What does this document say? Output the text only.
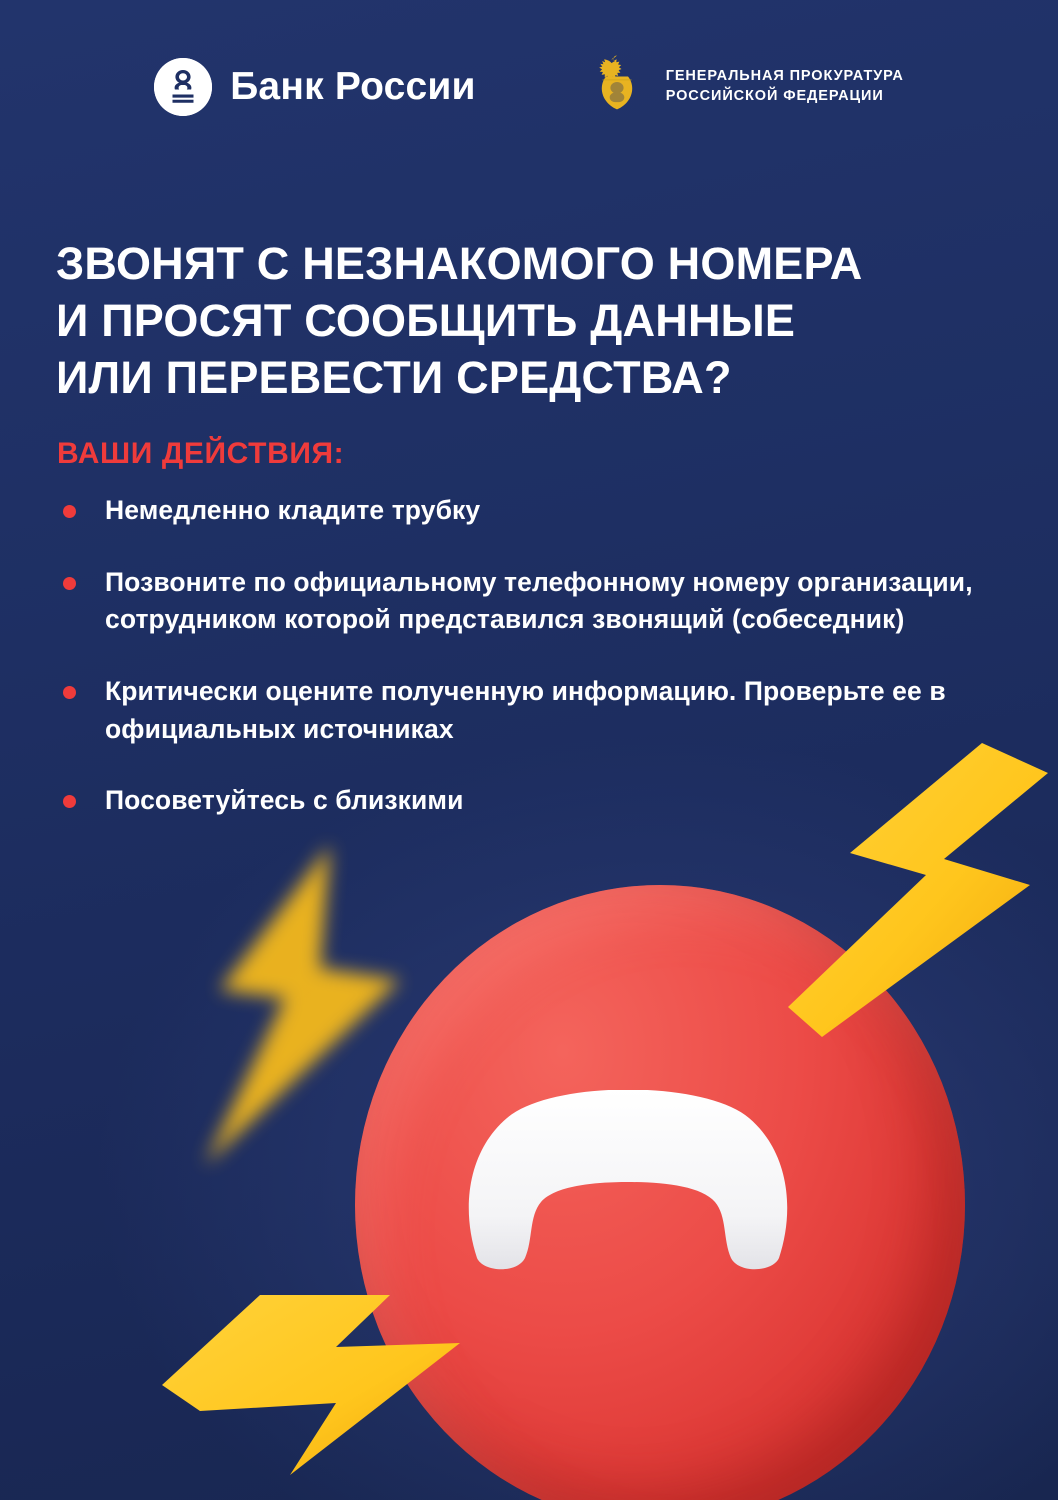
Банк России	ГЕНЕРАЛЬНАЯ ПРОКУРАТУРА
РОССИЙСКОЙ ФЕДЕРАЦИИ
ЗВОНЯТ С НЕЗНАКОМОГО НОМЕРА
И ПРОСЯТ СООБЩИТЬ ДАННЫЕ
ИЛИ ПЕРЕВЕСТИ СРЕДСТВА?
ВАШИ ДЕЙСТВИЯ:
Немедленно кладите трубку
Позвоните по официальному телефонному номеру организации, сотрудником которой представился звонящий (собеседник)
Критически оцените полученную информацию. Проверьте ее в официальных источниках
Посоветуйтесь с близкими
